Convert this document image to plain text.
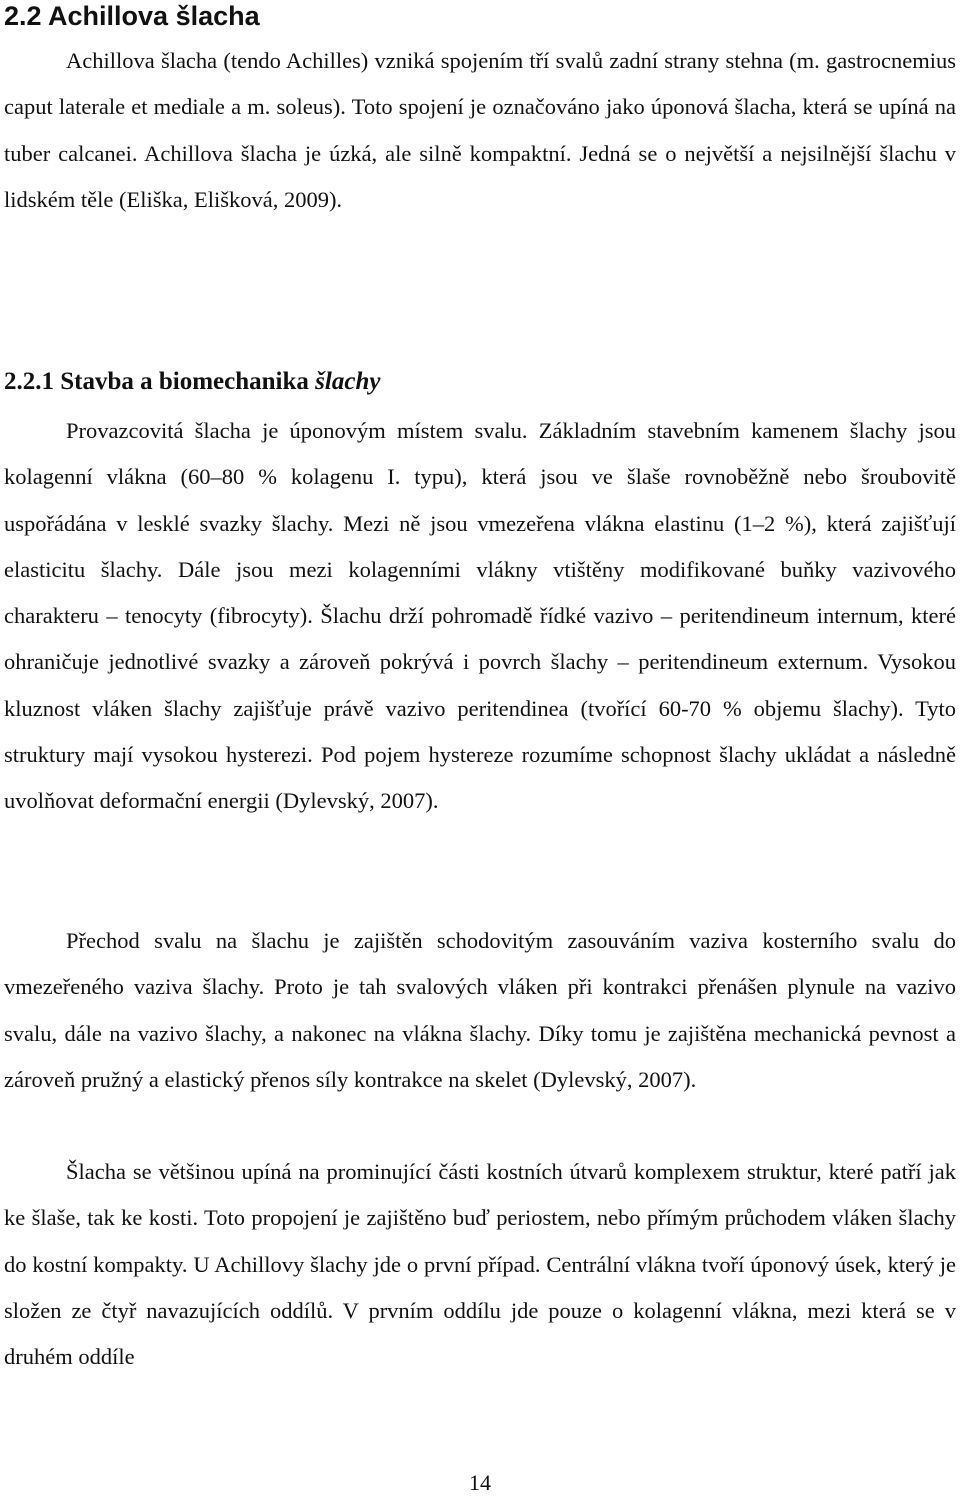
2.2 Achillova šlacha

Achillova šlacha (tendo Achilles) vzniká spojením tří svalů zadní strany stehna (m. gastrocnemius caput laterale et mediale a m. soleus). Toto spojení je označováno jako úponová šlacha, která se upíná na tuber calcanei. Achillova šlacha je úzká, ale silně kompaktní. Jedná se o největší a nejsilnější šlachu v lidském těle (Eliška, Elišková, 2009).

2.2.1 Stavba a biomechanika šlachy

Provazcovitá šlacha je úponovým místem svalu. Základním stavebním kamenem šlachy jsou kolagenní vlákna (60–80 % kolagenu I. typu), která jsou ve šlaše rovnoběžně nebo šroubovitě uspořádána v lesklé svazky šlachy. Mezi ně jsou vmezeřena vlákna elastinu (1–2 %), která zajišťují elasticitu šlachy. Dále jsou mezi kolagenními vlákny vtištěny modifikované buňky vazivového charakteru – tenocyty (fibrocyty). Šlachu drží pohromadě řídké vazivo – peritendineum internum, které ohraničuje jednotlivé svazky a zároveň pokrývá i povrch šlachy – peritendineum externum. Vysokou kluznost vláken šlachy zajišťuje právě vazivo peritendinea (tvořící 60-70 % objemu šlachy). Tyto struktury mají vysokou hysterezi. Pod pojem hystereze rozumíme schopnost šlachy ukládat a následně uvolňovat deformační energii (Dylevský, 2007).

Přechod svalu na šlachu je zajištěn schodovitým zasouváním vaziva kosterního svalu do vmezeřeného vaziva šlachy. Proto je tah svalových vláken při kontrakci přenášen plynule na vazivo svalu, dále na vazivo šlachy, a nakonec na vlákna šlachy. Díky tomu je zajištěna mechanická pevnost a zároveň pružný a elastický přenos síly kontrakce na skelet (Dylevský, 2007).

Šlacha se většinou upíná na prominující části kostních útvarů komplexem struktur, které patří jak ke šlaše, tak ke kosti. Toto propojení je zajištěno buď periostem, nebo přímým průchodem vláken šlachy do kostní kompakty. U Achillovy šlachy jde o první případ. Centrální vlákna tvoří úponový úsek, který je složen ze čtyř navazujících oddílů. V prvním oddílu jde pouze o kolagenní vlákna, mezi která se v druhém oddíle

14
